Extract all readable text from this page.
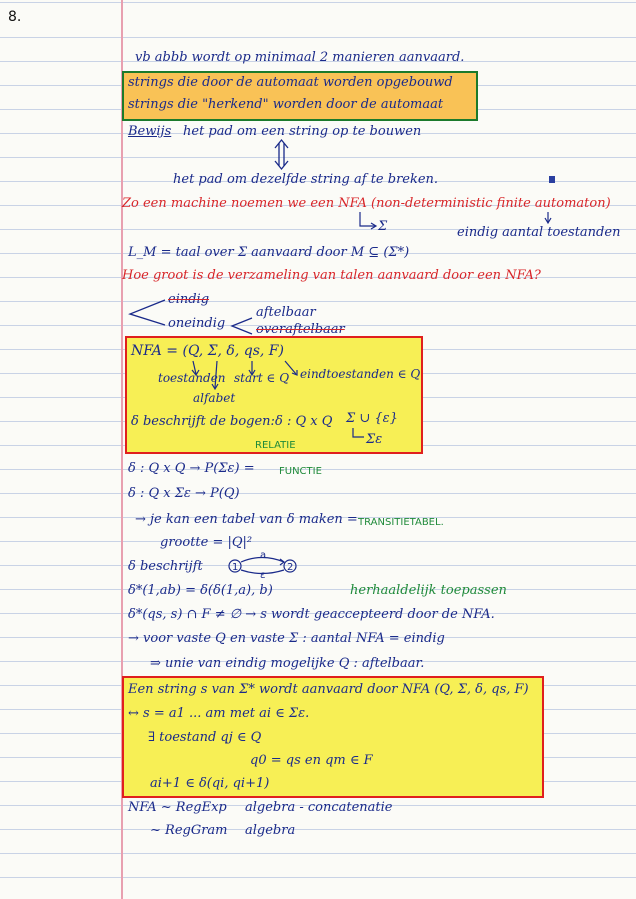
8.
vb abbb wordt op minimaal 2 manieren aanvaard.
strings die door de automaat worden opgebouwd
strings die "herkend" worden door de automaat
Bewijs het pad om een string op te bouwen
het pad om dezelfde string af te breken.
Zo een machine noemen we een NFA (non-deterministic finite automaton)
Σ	eindig aantal toestanden
L_M = taal over Σ aanvaard door M ⊆ (Σ*)
Hoe groot is de verzameling van talen aanvaard door een NFA?
eindig
oneindig
aftelbaar
overaftelbaar
NFA = (Q, Σ, δ, qs, F)
toestanden start ∈ Q eindtoestanden ∈ Q
alfabet
δ beschrijft de bogen: δ : Q x Q Σ ∪ {ε}
Σε
RELATIE
δ : Q x Q → P(Σε) = FUNCTIE
δ : Q x Σε → P(Q)
→ je kan een tabel van δ maken = TRANSITIETABEL.
grootte = |Q|²
δ beschrijft	1
a
ε
2
δ*(1,ab) = δ(δ(1,a), b)	herhaaldelijk toepassen
δ*(qs, s) ∩ F ≠ ∅ → s wordt geaccepteerd door de NFA.
→ voor vaste Q en vaste Σ : aantal NFA = eindig
⇒ unie van eindig mogelijke Q : aftelbaar.
Een string s van Σ* wordt aanvaard door NFA (Q, Σ, δ, qs, F)
↔ s = a1 ... am met ai ∈ Σε.
∃ toestand qj ∈ Q
q0 = qs en qm ∈ F
ai+1 ∈ δ(qi, qi+1)
NFA ~ RegExp algebra - concatenatie
~ RegGram algebra
